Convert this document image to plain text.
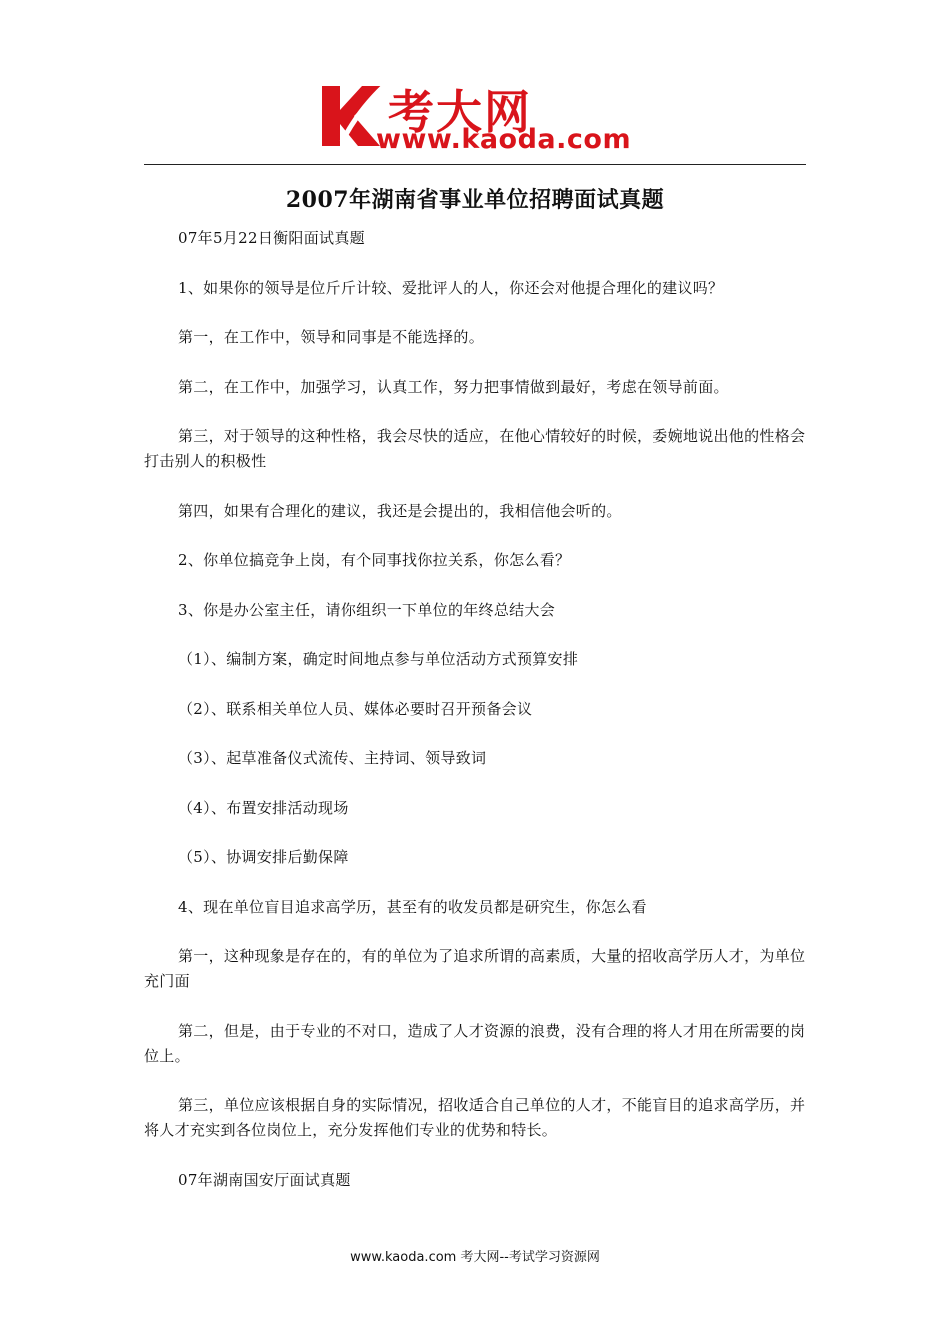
考大网
www.kaoda.com
2007年湖南省事业单位招聘面试真题

07年5月22日衡阳面试真题

1、如果你的领导是位斤斤计较、爱批评人的人，你还会对他提合理化的建议吗？

第一，在工作中，领导和同事是不能选择的。

第二，在工作中，加强学习，认真工作，努力把事情做到最好，考虑在领导前面。

第三，对于领导的这种性格，我会尽快的适应，在他心情较好的时候，委婉地说出他的性格会打击别人的积极性

第四，如果有合理化的建议，我还是会提出的，我相信他会听的。

2、你单位搞竞争上岗，有个同事找你拉关系，你怎么看？

3、你是办公室主任，请你组织一下单位的年终总结大会

（1）、编制方案，确定时间地点参与单位活动方式预算安排

（2）、联系相关单位人员、媒体必要时召开预备会议

（3）、起草准备仪式流传、主持词、领导致词

（4）、布置安排活动现场

（5）、协调安排后勤保障

4、现在单位盲目追求高学历，甚至有的收发员都是研究生，你怎么看

第一，这种现象是存在的，有的单位为了追求所谓的高素质，大量的招收高学历人才，为单位充门面

第二，但是，由于专业的不对口，造成了人才资源的浪费，没有合理的将人才用在所需要的岗位上。

第三，单位应该根据自身的实际情况，招收适合自己单位的人才，不能盲目的追求高学历，并将人才充实到各位岗位上，充分发挥他们专业的优势和特长。

07年湖南国安厅面试真题

www.kaoda.com 考大网--考试学习资源网
